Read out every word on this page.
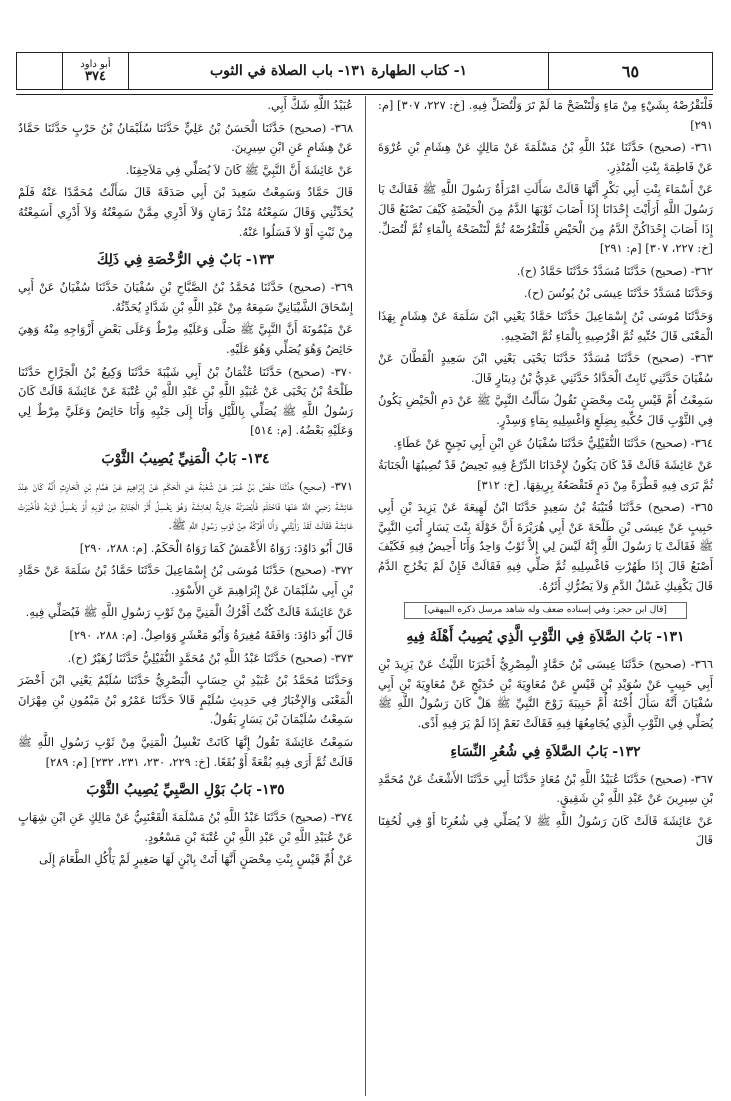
أبو داود
٣٧٤	١- كتاب الطهارة ١٣١- باب الصلاة في الثوب	٦٥

فَلْتَقْرُصْهُ بِشَيْءٍ مِنْ مَاءٍ وَلْتَنْضَحْ مَا لَمْ تَرَ وَلْتُصَلِّ فِيهِ. [خ: ٢٢٧، ٣٠٧] [م: ٢٩١]

٣٦١- (صحيح) حَدَّثَنَا عَبْدُ اللَّهِ بْنُ مَسْلَمَةَ عَنْ مَالِكٍ عَنْ هِشَامِ بْنِ عُرْوَةَ عَنْ فَاطِمَةَ بِنْتِ الْمُنْذِرِ.

عَنْ أَسْمَاءَ بِنْتِ أَبِي بَكْرٍ أَنَّهَا قَالَتْ سَأَلَتِ امْرَأَةٌ رَسُولَ اللَّهِ ﷺ فَقَالَتْ يَا رَسُولَ اللَّهِ أَرَأَيْتَ إِحْدَانَا إِذَا أَصَابَ ثَوْبَهَا الدَّمُ مِنَ الْحَيْضَةِ كَيْفَ تَصْنَعُ قَالَ إِذَا أَصَابَ إِحْدَاكُنَّ الدَّمُ مِنَ الْحَيْضِ فَلْتَقْرُصْهُ ثُمَّ لْتَنْضَحْهُ بِالْمَاءِ ثُمَّ لْتُصَلِّ. [خ: ٢٢٧، ٣٠٧] [م: ٢٩١]

٣٦٢- (صحيح) حَدَّثَنَا مُسَدَّدٌ حَدَّثَنَا حَمَّادٌ (ح).

وَحَدَّثَنَا مُسَدَّدٌ حَدَّثَنَا عِيسَى بْنُ يُونُسَ (ح).

وَحَدَّثَنَا مُوسَى بْنُ إِسْمَاعِيلَ حَدَّثَنَا حَمَّادٌ يَعْنِي ابْنَ سَلَمَةَ عَنْ هِشَامٍ بِهَذَا الْمَعْنَى قَالَ حُتِّيهِ ثُمَّ اقْرُصِيهِ بِالْمَاءِ ثُمَّ انْضَحِيهِ.

٣٦٣- (صحيح) حَدَّثَنَا مُسَدَّدٌ حَدَّثَنَا يَحْيَى يَعْنِي ابْنَ سَعِيدٍ الْقَطَّانَ عَنْ سُفْيَانَ حَدَّثَنِي ثَابِتٌ الْحَدَّادُ حَدَّثَنِي عَدِيُّ بْنُ دِينَارٍ قَالَ.

سَمِعْتُ أُمَّ قَيْسِ بِنْتَ مِحْصَنٍ تَقُولُ سَأَلْتُ النَّبِيَّ ﷺ عَنْ دَمِ الْحَيْضِ يَكُونُ فِي الثَّوْبِ قَالَ حُكِّيهِ بِضِلَعٍ وَاغْسِلِيهِ بِمَاءٍ وَسِدْرٍ.

٣٦٤- (صحيح) حَدَّثَنَا النُّفَيْلِيُّ حَدَّثَنَا سُفْيَانُ عَنِ ابْنِ أَبِي نَجِيحٍ عَنْ عَطَاءٍ.

عَنْ عَائِشَةَ قَالَتْ قَدْ كَانَ يَكُونُ لإِحْدَانَا الدِّرْعُ فِيهِ تَحِيضُ قَدْ تُصِيبُهَا الْجَنَابَةُ ثُمَّ تَرَى فِيهِ قَطْرَةً مِنْ دَمٍ فَتَقْصَعُهُ بِرِيقِهَا. [خ: ٣١٢]

٣٦٥- (صحيح) حَدَّثَنَا قُتَيْبَةُ بْنُ سَعِيدٍ حَدَّثَنَا ابْنُ لَهِيعَةَ عَنْ يَزِيدَ بْنِ أَبِي حَبِيبٍ عَنْ عِيسَى بْنِ طَلْحَةَ عَنْ أَبِي هُرَيْرَةَ أَنَّ خَوْلَةَ بِنْتَ يَسَارٍ أَتَتِ النَّبِيَّ ﷺ فَقَالَتْ يَا رَسُولَ اللَّهِ إِنَّهُ لَيْسَ لِي إِلاَّ ثَوْبٌ وَاحِدٌ وَأَنَا أَحِيضُ فِيهِ فَكَيْفَ أَصْنَعُ قَالَ إِذَا طَهُرْتِ فَاغْسِلِيهِ ثُمَّ صَلِّي فِيهِ فَقَالَتْ فَإِنْ لَمْ يَخْرُجِ الدَّمُ قَالَ يَكْفِيكِ غَسْلُ الدَّمِ وَلاَ يَضُرُّكِ أَثَرُهُ.

[قال ابن حجر: وفي إسناده ضعف وله شاهد مرسل ذكره البيهقي]
١٣١- بَابُ الصَّلاَةِ فِي الثَّوْبِ الَّذِي يُصِيبُ أَهْلَهُ فِيهِ

٣٦٦- (صحيح) حَدَّثَنَا عِيسَى بْنُ حَمَّادٍ الْمِصْرِيُّ أَخْبَرَنَا اللَّيْثُ عَنْ يَزِيدَ بْنِ أَبِي حَبِيبٍ عَنْ سُوَيْدِ بْنِ قَيْسٍ عَنْ مُعَاوِيَةَ بْنِ حُدَيْجٍ عَنْ مُعَاوِيَةَ بْنِ أَبِي سُفْيَانَ أَنَّهُ سَأَلَ أُخْتَهُ أُمَّ حَبِيبَةَ زَوْجَ النَّبِيِّ ﷺ هَلْ كَانَ رَسُولُ اللَّهِ ﷺ يُصَلِّي فِي الثَّوْبِ الَّذِي يُجَامِعُهَا فِيهِ فَقَالَتْ نَعَمْ إِذَا لَمْ يَرَ فِيهِ أَذًى.

١٣٢- بَابُ الصَّلاَةِ فِي شُعُرِ النِّسَاءِ

٣٦٧- (صحيح) حَدَّثَنَا عُبَيْدُ اللَّهِ بْنُ مُعَاذٍ حَدَّثَنَا أَبِي حَدَّثَنَا الأَشْعَثُ عَنْ مُحَمَّدِ بْنِ سِيرِينَ عَنْ عَبْدِ اللَّهِ بْنِ شَقِيقٍ.

عَنْ عَائِشَةَ قَالَتْ كَانَ رَسُولُ اللَّهِ ﷺ لاَ يُصَلِّي فِي شُعُرِنَا أَوْ فِي لُحُفِنَا قَالَ

عُبَيْدُ اللَّهِ شَكَّ أَبِي.

٣٦٨- (صحيح) حَدَّثَنَا الْحَسَنُ بْنُ عَلِيٍّ حَدَّثَنَا سُلَيْمَانُ بْنُ حَرْبٍ حَدَّثَنَا حَمَّادٌ عَنْ هِشَامٍ عَنِ ابْنِ سِيرِينَ.

عَنْ عَائِشَةَ أَنَّ النَّبِيَّ ﷺ كَانَ لاَ يُصَلِّي فِي مَلاَحِفِنَا.

قَالَ حَمَّادٌ وَسَمِعْتُ سَعِيدَ بْنَ أَبِي صَدَقَةَ قَالَ سَأَلْتُ مُحَمَّدًا عَنْهُ فَلَمْ يُحَدِّثْنِي وَقَالَ سَمِعْتُهُ مُنْذُ زَمَانٍ وَلاَ أَدْرِي مِمَّنْ سَمِعْتُهُ وَلاَ أَدْرِي أَسَمِعْتُهُ مِنْ ثَبْتٍ أَوْ لاَ فَسَلُوا عَنْهُ.

١٣٣- بَابٌ فِي الرُّخْصَةِ فِي ذَلِكَ

٣٦٩- (صحيح) حَدَّثَنَا مُحَمَّدُ بْنُ الصَّبَّاحِ بْنِ سُفْيَانَ حَدَّثَنَا سُفْيَانُ عَنْ أَبِي إِسْحَاقَ الشَّيْبَانِيِّ سَمِعَهُ مِنْ عَبْدِ اللَّهِ بْنِ شَدَّادٍ يُحَدِّثُهُ.

عَنْ مَيْمُونَةَ أَنَّ النَّبِيَّ ﷺ صَلَّى وَعَلَيْهِ مِرْطٌ وَعَلَى بَعْضِ أَزْوَاجِهِ مِنْهُ وَهِيَ حَائِضٌ وَهُوَ يُصَلِّي وَهُوَ عَلَيْهِ.

٣٧٠- (صحيح) حَدَّثَنَا عُثْمَانُ بْنُ أَبِي شَيْبَةَ حَدَّثَنَا وَكِيعُ بْنُ الْجَرَّاحِ حَدَّثَنَا طَلْحَةُ بْنُ يَحْيَى عَنْ عُبَيْدِ اللَّهِ بْنِ عَبْدِ اللَّهِ بْنِ عُتْبَةَ عَنْ عَائِشَةَ قَالَتْ كَانَ رَسُولُ اللَّهِ ﷺ يُصَلِّي بِاللَّيْلِ وَأَنَا إِلَى جَنْبِهِ وَأَنَا حَائِضٌ وَعَلَيَّ مِرْطٌ لِي وَعَلَيْهِ بَعْضُهُ. [م: ٥١٤]

١٣٤- بَابُ الْمَنِيِّ يُصِيبُ الثَّوْبَ

٣٧١- (صحيح) حَدَّثَنَا حَفْصُ بْنُ عُمَرَ عَنْ شُعْبَةَ عَنِ الْحَكَمِ عَنْ إِبْرَاهِيمَ عَنْ هَمَّامِ بْنِ الْحَارِثِ أَنَّهُ كَانَ عِنْدَ عَائِشَةَ رَضِيَ اللَّهُ عَنْهَا فَاحْتَلَمَ فَأَبْصَرَتْهُ جَارِيَةٌ لِعَائِشَةَ وَهُوَ يَغْسِلُ أَثَرَ الْجَنَابَةِ مِنْ ثَوْبِهِ أَوْ يَغْسِلُ ثَوْبَهُ فَأَخْبَرَتْ عَائِشَةَ فَقَالَتْ لَقَدْ رَأَيْتُنِي وَأَنَا أَفْرُكُهُ مِنْ ثَوْبِ رَسُولِ اللَّهِ ﷺ.

قَالَ أَبُو دَاوُدَ: رَوَاهُ الأَعْمَشُ كَمَا رَوَاهُ الْحَكَمُ. [م: ٢٨٨، ٢٩٠]

٣٧٢- (صحيح) حَدَّثَنَا مُوسَى بْنُ إِسْمَاعِيلَ حَدَّثَنَا حَمَّادُ بْنُ سَلَمَةَ عَنْ حَمَّادِ بْنِ أَبِي سُلَيْمَانَ عَنْ إِبْرَاهِيمَ عَنِ الأَسْوَدِ.

عَنْ عَائِشَةَ قَالَتْ كُنْتُ أَفْرُكُ الْمَنِيَّ مِنْ ثَوْبِ رَسُولِ اللَّهِ ﷺ فَيُصَلِّي فِيهِ.

قَالَ أَبُو دَاوُدَ: وَافَقَهُ مُغِيرَةُ وَأَبُو مَعْشَرٍ وَوَاصِلٌ. [م: ٢٨٨، ٢٩٠]

٣٧٣- (صحيح) حَدَّثَنَا عَبْدُ اللَّهِ بْنُ مُحَمَّدٍ النُّفَيْلِيُّ حَدَّثَنَا زُهَيْرٌ (ح).

وَحَدَّثَنَا مُحَمَّدُ بْنُ عُبَيْدِ بْنِ حِسَابٍ الْبَصْرِيُّ حَدَّثَنَا سُلَيْمٌ يَعْنِي ابْنَ أَخْضَرَ الْمَعْنَى وَالإِخْبَارُ فِي حَدِيثِ سُلَيْمٍ قَالاَ حَدَّثَنَا عَمْرُو بْنُ مَيْمُونِ بْنِ مِهْرَانَ سَمِعْتُ سُلَيْمَانَ بْنَ يَسَارٍ يَقُولُ.

سَمِعْتُ عَائِشَةَ تَقُولُ إِنَّهَا كَانَتْ تَغْسِلُ الْمَنِيَّ مِنْ ثَوْبِ رَسُولِ اللَّهِ ﷺ قَالَتْ ثُمَّ أَرَى فِيهِ بُقْعَةً أَوْ بُقَعًا. [خ: ٢٢٩، ٢٣٠، ٢٣١، ٢٣٢] [م: ٢٨٩]

١٣٥- بَابُ بَوْلِ الصَّبِيِّ يُصِيبُ الثَّوْبَ

٣٧٤- (صحيح) حَدَّثَنَا عَبْدُ اللَّهِ بْنُ مَسْلَمَةَ الْقَعْنَبِيُّ عَنْ مَالِكٍ عَنِ ابْنِ شِهَابٍ عَنْ عُبَيْدِ اللَّهِ بْنِ عَبْدِ اللَّهِ بْنِ عُتْبَةَ بْنِ مَسْعُودٍ.

عَنْ أُمِّ قَيْسٍ بِنْتِ مِحْصَنٍ أَنَّهَا أَتَتْ بِابْنٍ لَهَا صَغِيرٍ لَمْ يَأْكُلِ الطَّعَامَ إِلَى
